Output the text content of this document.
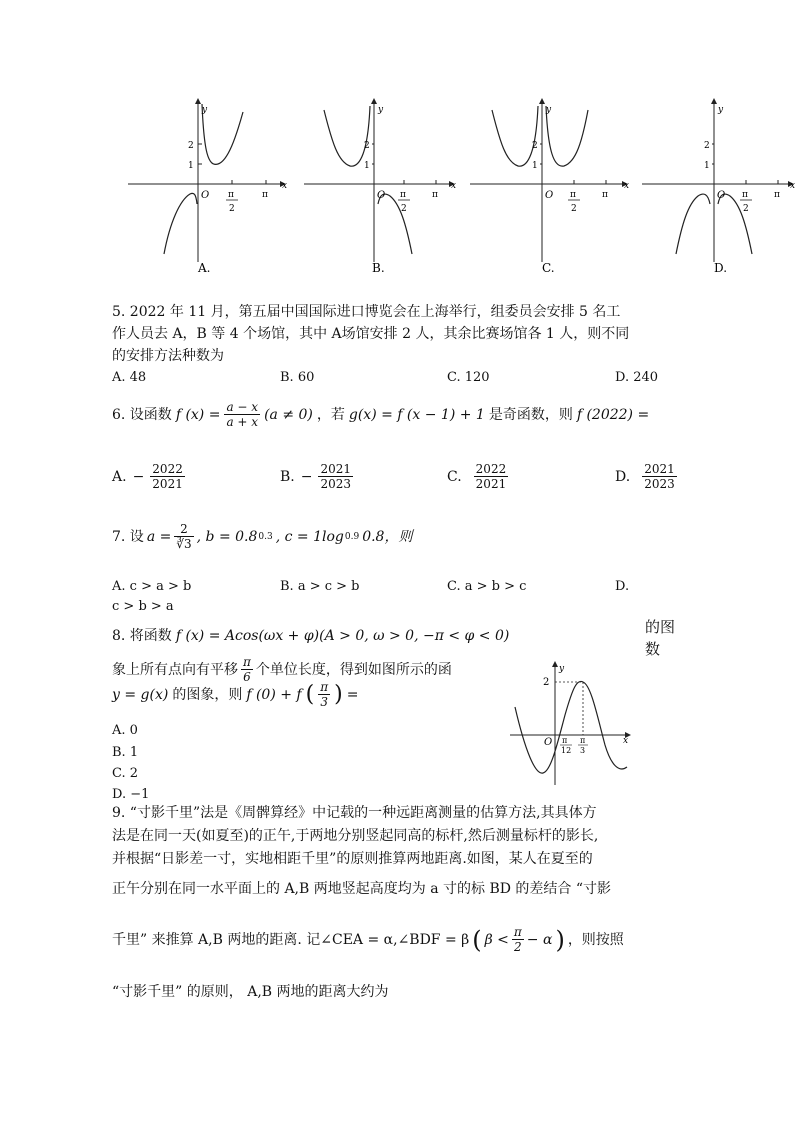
y
x
O
2
1
π
2
π
A.
y
x
O
2
1
π
2
π
B.
y
x
O
2
1
π
2
π
C.
y
x
O
2
1
π
2
π
D.
5. 2022 年 11 月，第五届中国国际进口博览会在上海举行，组委员会安排 5 名工
作人员去 A，B 等 4 个场馆，其中 A场馆安排 2 人，其余比赛场馆各 1 人，则不同
的安排方法种数为
A. 48	B. 60	C. 120	D. 240
6. 设函数 f $(x) = \frac{a - x}{a + x} (a \ne 0)$ ，若 g(x) = f (x − 1) + 1 是奇函数，则 f (2022) =
A. − $\frac{2022}{2021}$	B. − $\frac{2021}{2023}$	C. $\frac{2022}{2021}$	D. $\frac{2021}{2023}$
7. 设 $a = \frac{2}{∛3}$ , b = 0.8 0.3 , c = 1log 0.9 0.8，则
A. c > a > b	B. a > c > b	C. a > b > c	D.
c > b > a
8. 将函数 f (x) = Acos(ωx + φ)(A > 0, ω > 0, −π < φ < 0)	的图
数
象上所有点向有平移 $\frac{\pi}{6}$ 个单位长度，得到如图所示的函
y = g(x) 的图象，则 f (0) + f ( $\frac{\pi}{3}$ ) =
A. 0
B. 1
C. 2
D. −1
y
x
2
O π
12
π
3
9. “寸影千里”法是《周髀算经》中记载的一种远距离测量的估算方法,其具体方
法是在同一天(如夏至)的正午,于两地分别竖起同高的标杆,然后测量标杆的影长,
并根据“日影差一寸，实地相距千里”的原则推算两地距离.如图，某人在夏至的
正午分别在同一水平面上的 A,B 两地竖起高度均为 a 寸的标 BD 的差结合 “寸影
千里” 来推算 A,B 两地的距离. 记∠CEA = α,∠BDF = β ( $\beta < \frac{\pi}{2} - \alpha$ ) ，则按照
“寸影千里” 的原则， A,B 两地的距离大约为
